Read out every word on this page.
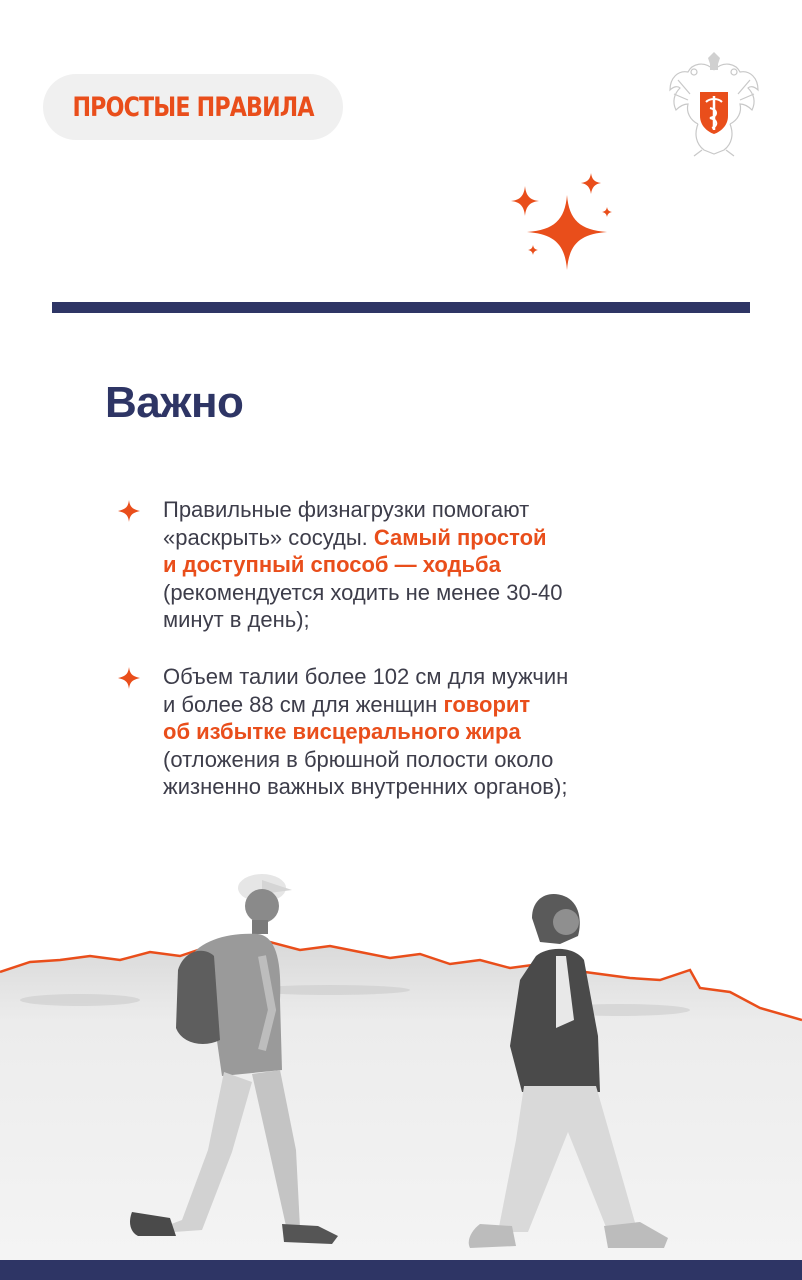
ПРОСТЫЕ ПРАВИЛА
Важно
Правильные физнагрузки помогают
«раскрыть» сосуды. Самый простой
и доступный способ — ходьба
(рекомендуется ходить не менее 30-40
минут в день);
Объем талии более 102 см для мужчин
и более 88 см для женщин говорит
об избытке висцерального жира
(отложения в брюшной полости около
жизненно важных внутренних органов);
